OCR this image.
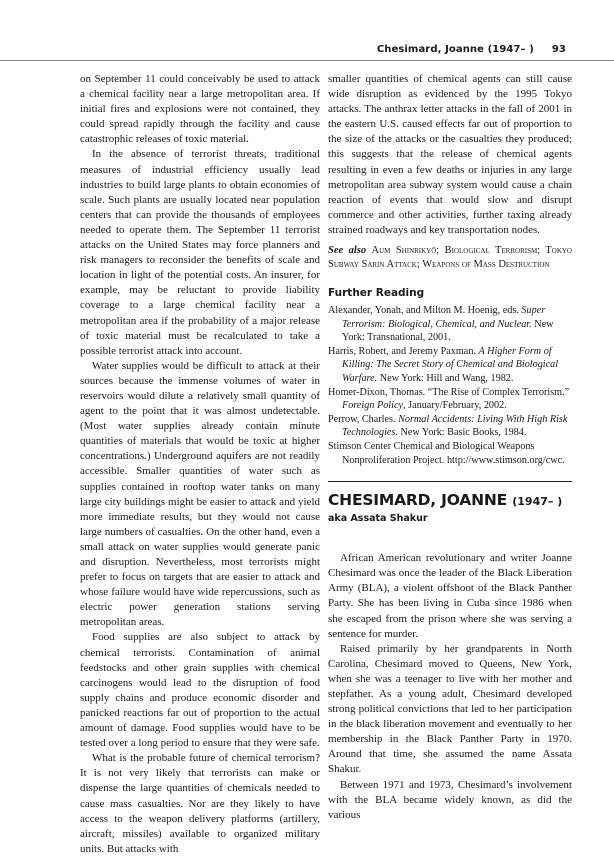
Chesimard, Joanne (1947– ) 93

on September 11 could conceivably be used to attack a chemical facility near a large metropolitan area. If initial fires and explosions were not contained, they could spread rapidly through the facility and cause catastrophic releases of toxic material.

In the absence of terrorist threats, traditional measures of industrial efficiency usually lead industries to build large plants to obtain economies of scale. Such plants are usually located near population centers that can provide the thousands of employees needed to operate them. The September 11 terrorist attacks on the United States may force planners and risk managers to reconsider the benefits of scale and location in light of the potential costs. An insurer, for example, may be reluctant to provide liability coverage to a large chemical facility near a metropolitan area if the probability of a major release of toxic material must be recalculated to take a possible terrorist attack into account.

Water supplies would be difficult to attack at their sources because the immense volumes of water in reservoirs would dilute a relatively small quantity of agent to the point that it was almost undetectable. (Most water supplies already contain minute quantities of materials that would be toxic at higher concentrations.) Underground aquifers are not readily accessible. Smaller quantities of water such as supplies contained in rooftop water tanks on many large city buildings might be easier to attack and yield more immediate results, but they would not cause large numbers of casualties. On the other hand, even a small attack on water supplies would generate panic and disruption. Nevertheless, most terrorists might prefer to focus on targets that are easier to attack and whose failure would have wide repercussions, such as electric power generation stations serving metropolitan areas.

Food supplies are also subject to attack by chemical terrorists. Contamination of animal feedstocks and other grain supplies with chemical carcinogens would lead to the disruption of food supply chains and produce economic disorder and panicked reactions far out of proportion to the actual amount of damage. Food supplies would have to be tested over a long period to ensure that they were safe.

What is the probable future of chemical terrorism? It is not very likely that terrorists can make or dispense the large quantities of chemicals needed to cause mass casualties. Nor are they likely to have access to the weapon delivery platforms (artillery, aircraft, missiles) available to organized military units. But attacks with

smaller quantities of chemical agents can still cause wide disruption as evidenced by the 1995 Tokyo attacks. The anthrax letter attacks in the fall of 2001 in the eastern U.S. caused effects far out of proportion to the size of the attacks or the casualties they produced; this suggests that the release of chemical agents resulting in even a few deaths or injuries in any large metropolitan area subway system would cause a chain reaction of events that would slow and disrupt commerce and other activities, further taxing already strained roadways and key transportation nodes.

See also Aum Shinrikyō; Biological Terrorism; Tokyo Subway Sarin Attack; Weapons of Mass Destruction

Further Reading

Alexander, Yonah, and Milton M. Hoenig, eds. Super Terrorism: Biological, Chemical, and Nuclear. New York: Transnational, 2001.

Harris, Robert, and Jeremy Paxman. A Higher Form of Killing: The Secret Story of Chemical and Biological Warfare. New York: Hill and Wang, 1982.

Homer-Dixon, Thomas. “The Rise of Complex Terrorism.” Foreign Policy, January/February, 2002.

Perrow, Charles. Normal Accidents: Living With High Risk Technologies. New York: Basic Books, 1984.

Stimson Center Chemical and Biological Weapons Nonproliferation Project. http://www.stimson.org/cwc.

CHESIMARD, JOANNE (1947– )

aka Assata Shakur

African American revolutionary and writer Joanne Chesimard was once the leader of the Black Liberation Army (BLA), a violent offshoot of the Black Panther Party. She has been living in Cuba since 1986 when she escaped from the prison where she was serving a sentence for murder.

Raised primarily by her grandparents in North Carolina, Chesimard moved to Queens, New York, when she was a teenager to live with her mother and stepfather. As a young adult, Chesimard developed strong political convictions that led to her participation in the black liberation movement and eventually to her membership in the Black Panther Party in 1970. Around that time, she assumed the name Assata Shakur.

Between 1971 and 1973, Chesimard’s involvement with the BLA became widely known, as did the various
